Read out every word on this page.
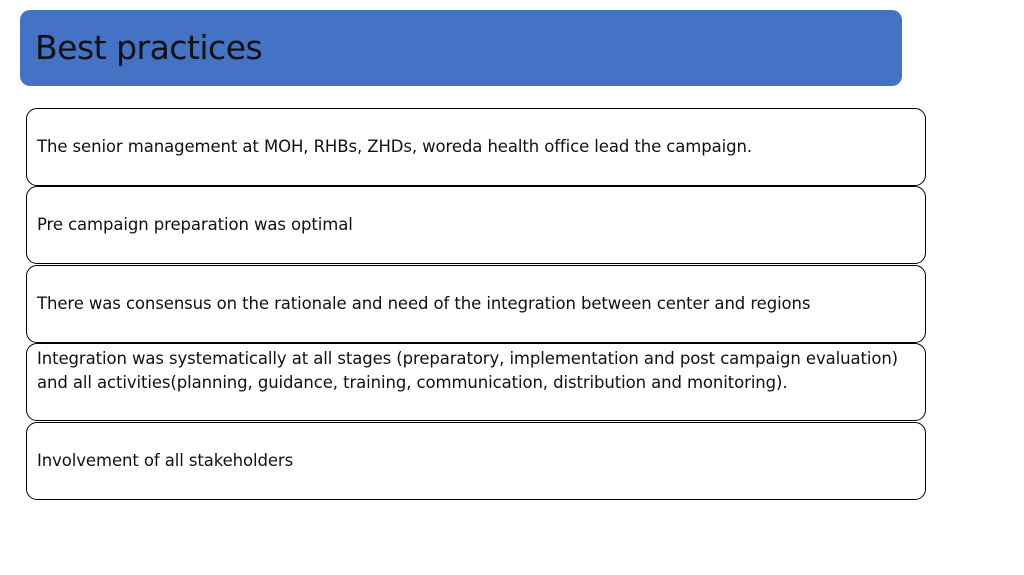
Best practices
The senior management at MOH, RHBs, ZHDs, woreda health office lead the campaign.
Pre campaign preparation was optimal
There was consensus on the rationale and need of the integration between center and regions
Integration was systematically at all stages (preparatory, implementation and post campaign evaluation) and all activities(planning, guidance, training, communication, distribution and monitoring).
Involvement of all stakeholders
